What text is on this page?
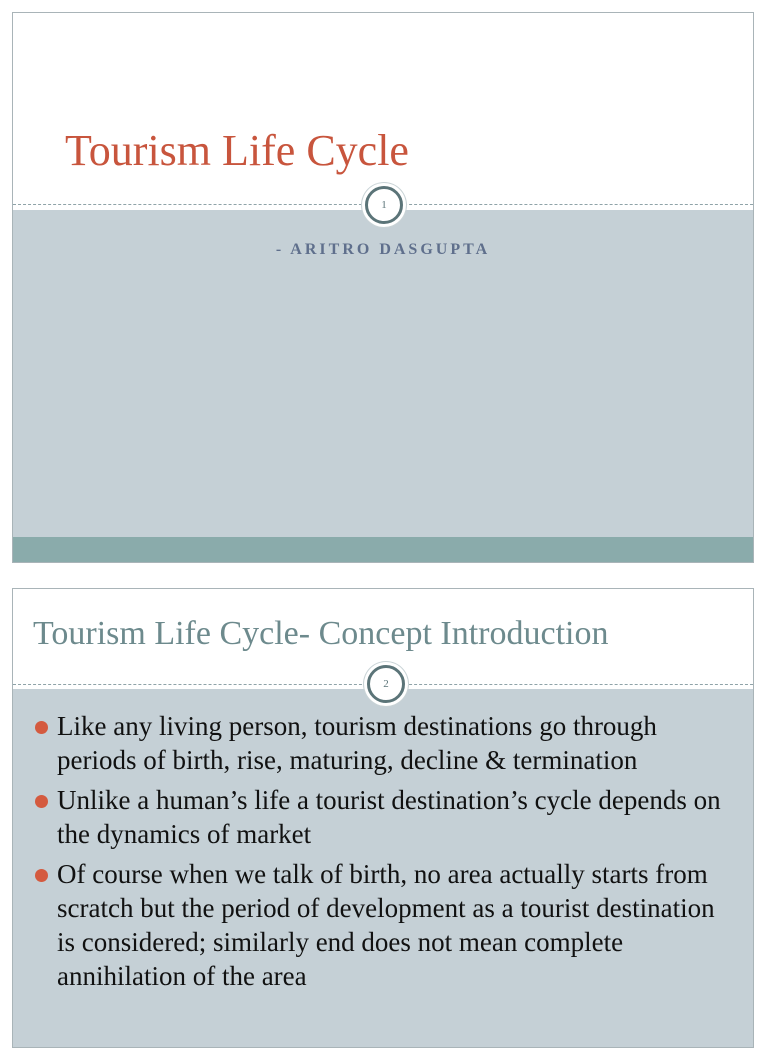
Tourism Life Cycle
1
- ARITRO DASGUPTA
Tourism Life Cycle- Concept Introduction
2
Like any living person, tourism destinations go through periods of birth, rise, maturing, decline & termination
Unlike a human’s life a tourist destination’s cycle depends on the dynamics of market
Of course when we talk of birth, no area actually starts from scratch but the period of development as a tourist destination is considered; similarly end does not mean complete annihilation of the area
